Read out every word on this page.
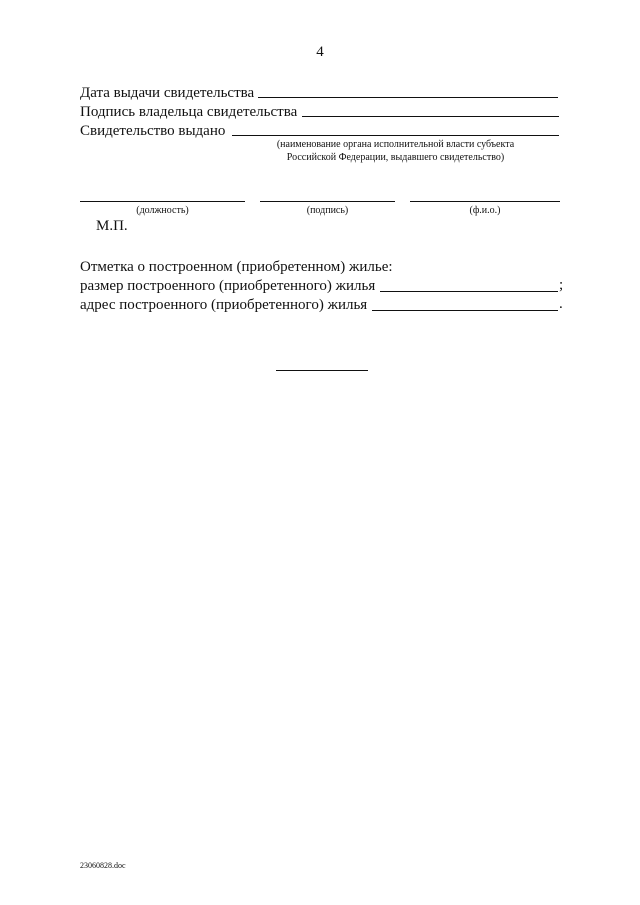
4
Дата выдачи свидетельства
Подпись владельца свидетельства
Свидетельство выдано
(наименование органа исполнительной власти субъекта
Российской Федерации, выдавшего свидетельство)
(должность)	(подпись)	(ф.и.о.)
М.П.
Отметка о построенном (приобретенном) жилье:
размер построенного (приобретенного) жилья	;
адрес построенного (приобретенного) жилья	.
23060828.doc
